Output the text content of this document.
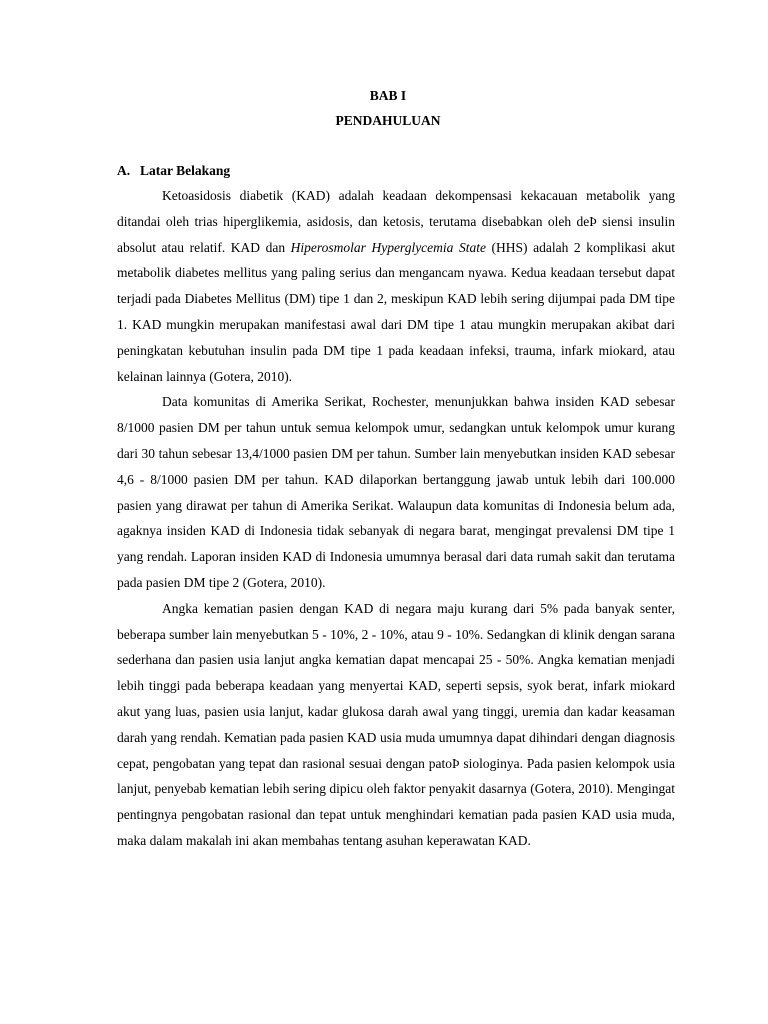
BAB I
PENDAHULUAN
A. Latar Belakang

Ketoasidosis diabetik (KAD) adalah keadaan dekompensasi kekacauan metabolik yang ditandai oleh trias hiperglikemia, asidosis, dan ketosis, terutama disebabkan oleh deÞ siensi insulin absolut atau relatif. KAD dan Hiperosmolar Hyperglycemia State (HHS) adalah 2 komplikasi akut metabolik diabetes mellitus yang paling serius dan mengancam nyawa. Kedua keadaan tersebut dapat terjadi pada Diabetes Mellitus (DM) tipe 1 dan 2, meskipun KAD lebih sering dijumpai pada DM tipe 1. KAD mungkin merupakan manifestasi awal dari DM tipe 1 atau mungkin merupakan akibat dari peningkatan kebutuhan insulin pada DM tipe 1 pada keadaan infeksi, trauma, infark miokard, atau kelainan lainnya (Gotera, 2010).

Data komunitas di Amerika Serikat, Rochester, menunjukkan bahwa insiden KAD sebesar 8/1000 pasien DM per tahun untuk semua kelompok umur, sedangkan untuk kelompok umur kurang dari 30 tahun sebesar 13,4/1000 pasien DM per tahun. Sumber lain menyebutkan insiden KAD sebesar 4,6 - 8/1000 pasien DM per tahun. KAD dilaporkan bertanggung jawab untuk lebih dari 100.000 pasien yang dirawat per tahun di Amerika Serikat. Walaupun data komunitas di Indonesia belum ada, agaknya insiden KAD di Indonesia tidak sebanyak di negara barat, mengingat prevalensi DM tipe 1 yang rendah. Laporan insiden KAD di Indonesia umumnya berasal dari data rumah sakit dan terutama pada pasien DM tipe 2 (Gotera, 2010).

Angka kematian pasien dengan KAD di negara maju kurang dari 5% pada banyak senter, beberapa sumber lain menyebutkan 5 - 10%, 2 - 10%, atau 9 - 10%. Sedangkan di klinik dengan sarana sederhana dan pasien usia lanjut angka kematian dapat mencapai 25 - 50%. Angka kematian menjadi lebih tinggi pada beberapa keadaan yang menyertai KAD, seperti sepsis, syok berat, infark miokard akut yang luas, pasien usia lanjut, kadar glukosa darah awal yang tinggi, uremia dan kadar keasaman darah yang rendah. Kematian pada pasien KAD usia muda umumnya dapat dihindari dengan diagnosis cepat, pengobatan yang tepat dan rasional sesuai dengan patoÞ siologinya. Pada pasien kelompok usia lanjut, penyebab kematian lebih sering dipicu oleh faktor penyakit dasarnya (Gotera, 2010). Mengingat pentingnya pengobatan rasional dan tepat untuk menghindari kematian pada pasien KAD usia muda, maka dalam makalah ini akan membahas tentang asuhan keperawatan KAD.
